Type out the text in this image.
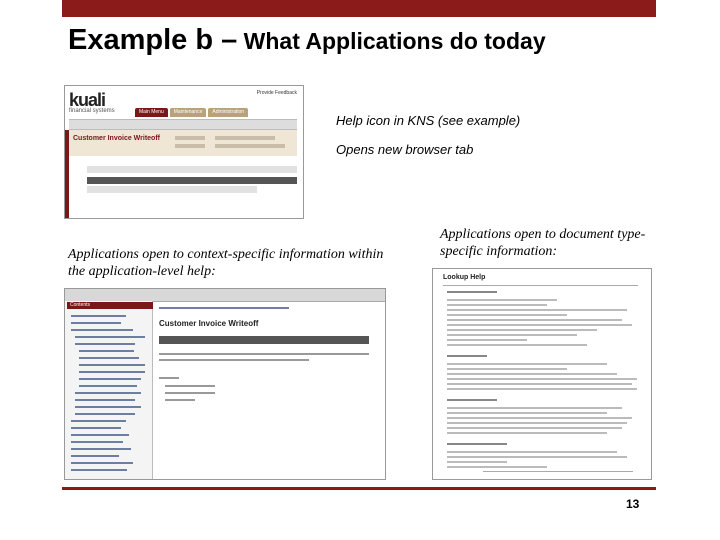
Example b – What Applications do today
kuali
financial systems
Provide Feedback
Main Menu	Maintenance	Administration
Customer Invoice Writeoff
Help icon in KNS (see example)
Opens new browser tab
Applications open to context-specific information within the application-level help:
Applications open to document type-specific information:
Contents
Customer Invoice Writeoff
Lookup Help
13
